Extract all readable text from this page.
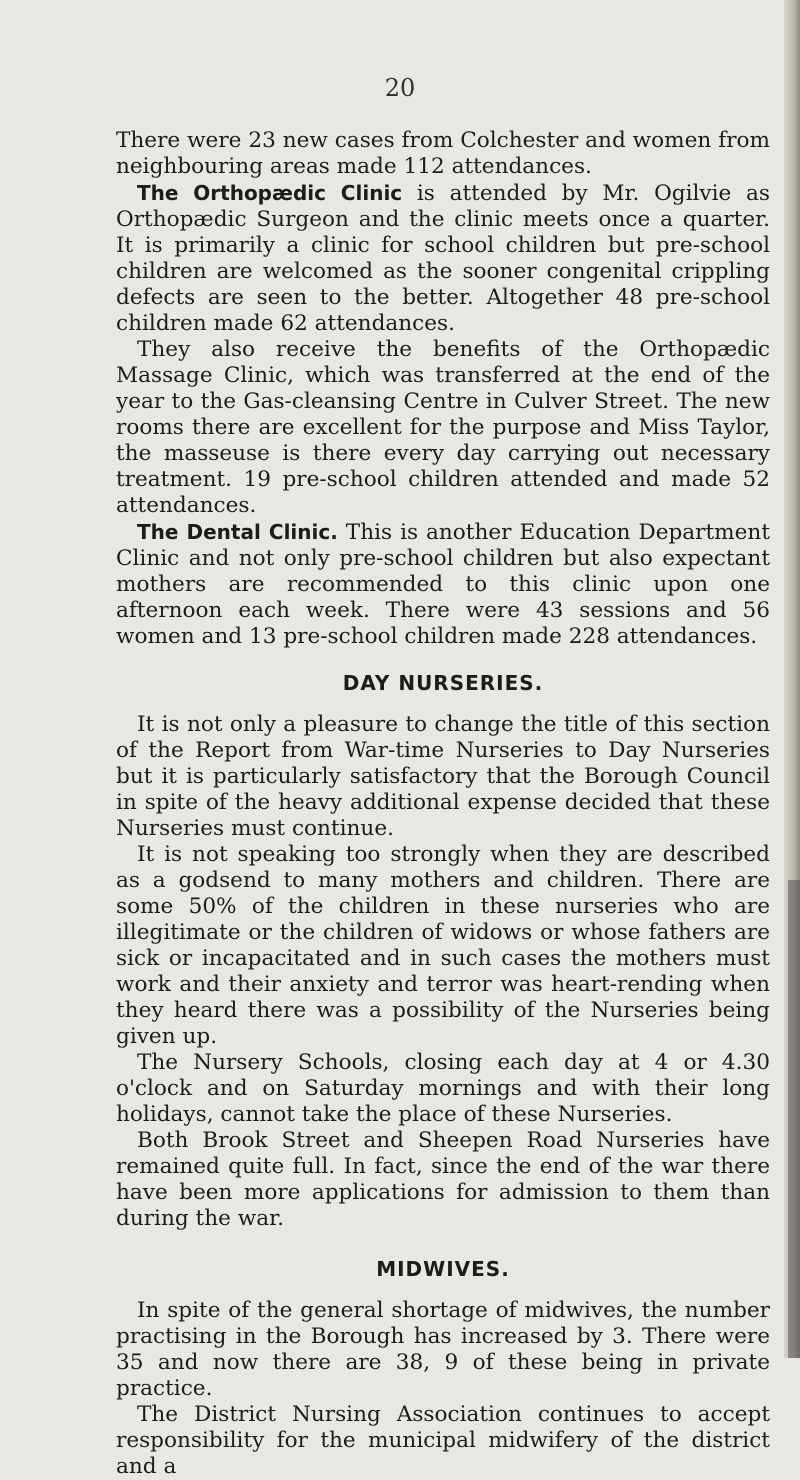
20

There were 23 new cases from Colchester and women from neighbouring areas made 112 attendances.

The Orthopædic Clinic is attended by Mr. Ogilvie as Orthopædic Surgeon and the clinic meets once a quarter. It is primarily a clinic for school children but pre-school children are welcomed as the sooner congenital crippling defects are seen to the better. Altogether 48 pre-school children made 62 attendances.

They also receive the benefits of the Orthopædic Massage Clinic, which was transferred at the end of the year to the Gas-cleansing Centre in Culver Street. The new rooms there are excellent for the purpose and Miss Taylor, the masseuse is there every day carrying out necessary treatment. 19 pre-school children attended and made 52 attendances.

The Dental Clinic. This is another Education Department Clinic and not only pre-school children but also expectant mothers are recommended to this clinic upon one afternoon each week. There were 43 sessions and 56 women and 13 pre-school children made 228 attendances.

DAY NURSERIES.

It is not only a pleasure to change the title of this section of the Report from War-time Nurseries to Day Nurseries but it is particularly satisfactory that the Borough Council in spite of the heavy additional expense decided that these Nurseries must continue.

It is not speaking too strongly when they are described as a godsend to many mothers and children. There are some 50% of the children in these nurseries who are illegitimate or the children of widows or whose fathers are sick or incapacitated and in such cases the mothers must work and their anxiety and terror was heart-rending when they heard there was a possibility of the Nurseries being given up.

The Nursery Schools, closing each day at 4 or 4.30 o'clock and on Saturday mornings and with their long holidays, cannot take the place of these Nurseries.

Both Brook Street and Sheepen Road Nurseries have remained quite full. In fact, since the end of the war there have been more applications for admission to them than during the war.

MIDWIVES.

In spite of the general shortage of midwives, the number practising in the Borough has increased by 3. There were 35 and now there are 38, 9 of these being in private practice.

The District Nursing Association continues to accept responsibility for the municipal midwifery of the district and a
